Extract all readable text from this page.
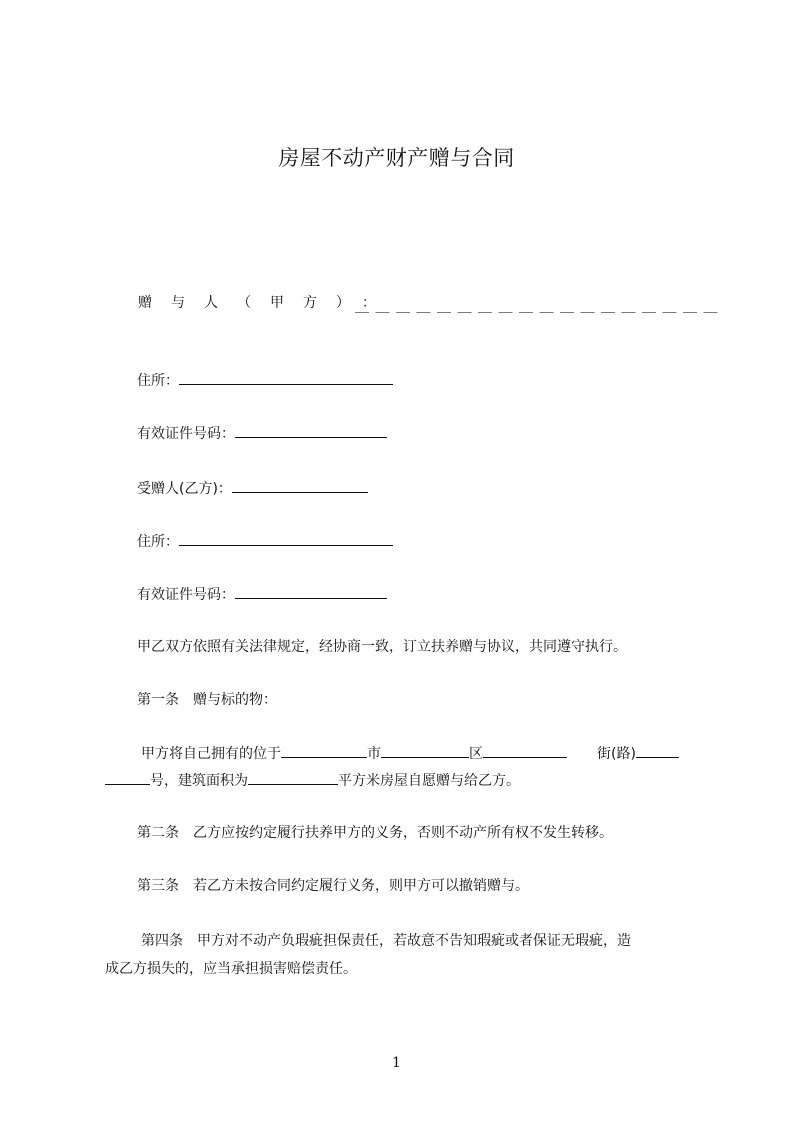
房屋不动产财产赠与合同
赠与人（甲方）：
＿＿＿＿＿＿＿＿＿＿＿＿＿＿＿＿＿＿
住所：
有效证件号码：
受赠人(乙方)：
住所：
有效证件号码：
甲乙双方依照有关法律规定，经协商一致，订立扶养赠与协议，共同遵守执行。
第一条　赠与标的物：
甲方将自己拥有的位于	市	区	街(路)
号，建筑面积为	平方米房屋自愿赠与给乙方。
第二条　乙方应按约定履行扶养甲方的义务，否则不动产所有权不发生转移。
第三条　若乙方未按合同约定履行义务，则甲方可以撤销赠与。
第四条　甲方对不动产负瑕疵担保责任，若故意不告知瑕疵或者保证无瑕疵，造
成乙方损失的，应当承担损害赔偿责任。
1
